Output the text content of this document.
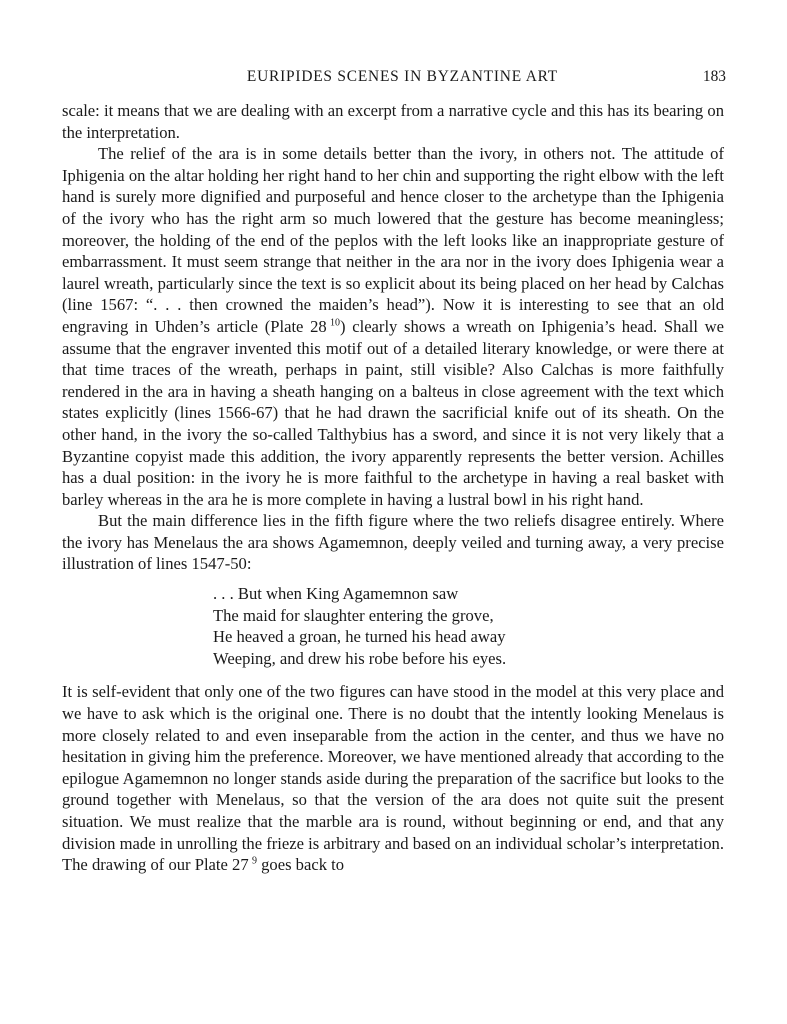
EURIPIDES SCENES IN BYZANTINE ART	183

scale: it means that we are dealing with an excerpt from a narrative cycle and this has its bearing on the interpretation.

The relief of the ara is in some details better than the ivory, in others not. The attitude of Iphigenia on the altar holding her right hand to her chin and supporting the right elbow with the left hand is surely more dignified and purposeful and hence closer to the archetype than the Iphigenia of the ivory who has the right arm so much lowered that the gesture has become meaningless; moreover, the holding of the end of the peplos with the left looks like an inappropriate gesture of embarrassment. It must seem strange that neither in the ara nor in the ivory does Iphigenia wear a laurel wreath, particularly since the text is so explicit about its being placed on her head by Calchas (line 1567: “. . . then crowned the maiden’s head”). Now it is interesting to see that an old engraving in Uhden’s article (Plate 28  $^{10}$) clearly shows a wreath on Iphigenia’s head. Shall we assume that the engraver invented this motif out of a detailed literary knowledge, or were there at that time traces of the wreath, perhaps in paint, still visible? Also Calchas is more faithfully rendered in the ara in having a sheath hanging on a balteus in close agreement with the text which states explicitly (lines 1566-67) that he had drawn the sacrificial knife out of its sheath. On the other hand, in the ivory the so-called Talthybius has a sword, and since it is not very likely that a Byzantine copyist made this addition, the ivory apparently represents the better version. Achilles has a dual position: in the ivory he is more faithful to the archetype in having a real basket with barley whereas in the ara he is more complete in having a lustral bowl in his right hand.

But the main difference lies in the fifth figure where the two reliefs disagree entirely. Where the ivory has Menelaus the ara shows Agamemnon, deeply veiled and turning away, a very precise illustration of lines 1547-50:

. . . But when King Agamemnon saw
The maid for slaughter entering the grove,
He heaved a groan, he turned his head away
Weeping, and drew his robe before his eyes.

It is self-evident that only one of the two figures can have stood in the model at this very place and we have to ask which is the original one. There is no doubt that the intently looking Menelaus is more closely related to and even inseparable from the action in the center, and thus we have no hesitation in giving him the preference. Moreover, we have mentioned already that according to the epilogue Agamemnon no longer stands aside during the preparation of the sacrifice but looks to the ground together with Menelaus, so that the version of the ara does not quite suit the present situation. We must realize that the marble ara is round, without beginning or end, and that any division made in unrolling the frieze is arbitrary and based on an individual scholar’s interpretation. The drawing of our Plate 27  $^9$ goes back to
